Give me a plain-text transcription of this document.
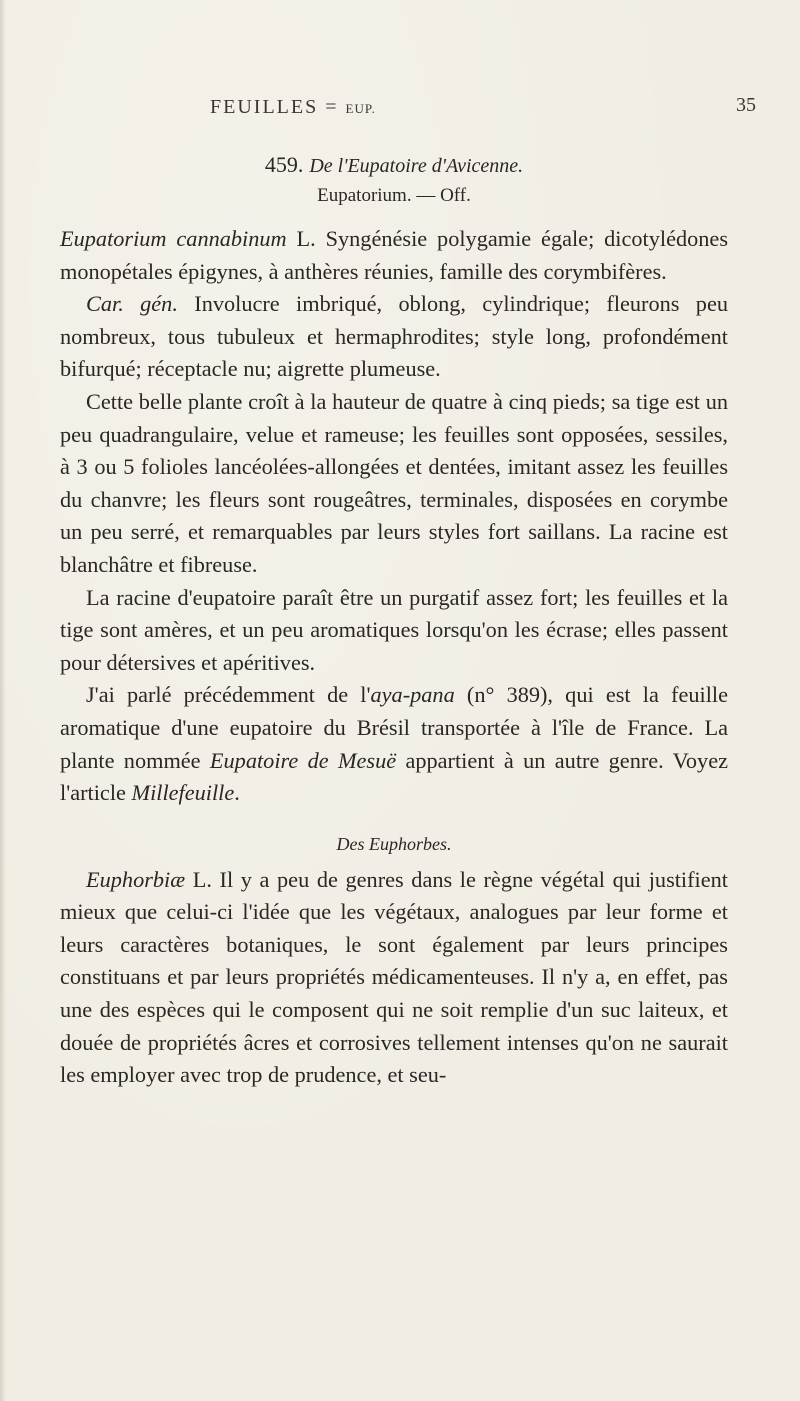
FEUILLES = EUP.	35

459. De l'Eupatoire d'Avicenne.

Eupatorium. — Off.

Eupatorium cannabinum L. Syngénésie polygamie égale; dicotylédones monopétales épigynes, à anthères réunies, famille des corymbifères.

Car. gén. Involucre imbriqué, oblong, cylindrique; fleurons peu nombreux, tous tubuleux et hermaphrodites; style long, profondément bifurqué; réceptacle nu; aigrette plumeuse.

Cette belle plante croît à la hauteur de quatre à cinq pieds; sa tige est un peu quadrangulaire, velue et rameuse; les feuilles sont opposées, sessiles, à 3 ou 5 folioles lancéolées-allongées et dentées, imitant assez les feuilles du chanvre; les fleurs sont rougeâtres, terminales, disposées en corymbe un peu serré, et remarquables par leurs styles fort saillans. La racine est blanchâtre et fibreuse.

La racine d'eupatoire paraît être un purgatif assez fort; les feuilles et la tige sont amères, et un peu aromatiques lorsqu'on les écrase; elles passent pour détersives et apéritives.

J'ai parlé précédemment de l'aya-pana (n° 389), qui est la feuille aromatique d'une eupatoire du Brésil transportée à l'île de France. La plante nommée Eupatoire de Mesuë appartient à un autre genre. Voyez l'article Millefeuille.

Des Euphorbes.

Euphorbiæ L. Il y a peu de genres dans le règne végétal qui justifient mieux que celui-ci l'idée que les végétaux, analogues par leur forme et leurs caractères botaniques, le sont également par leurs principes constituans et par leurs propriétés médicamenteuses. Il n'y a, en effet, pas une des espèces qui le composent qui ne soit remplie d'un suc laiteux, et douée de propriétés âcres et corrosives tellement intenses qu'on ne saurait les employer avec trop de prudence, et seu-
